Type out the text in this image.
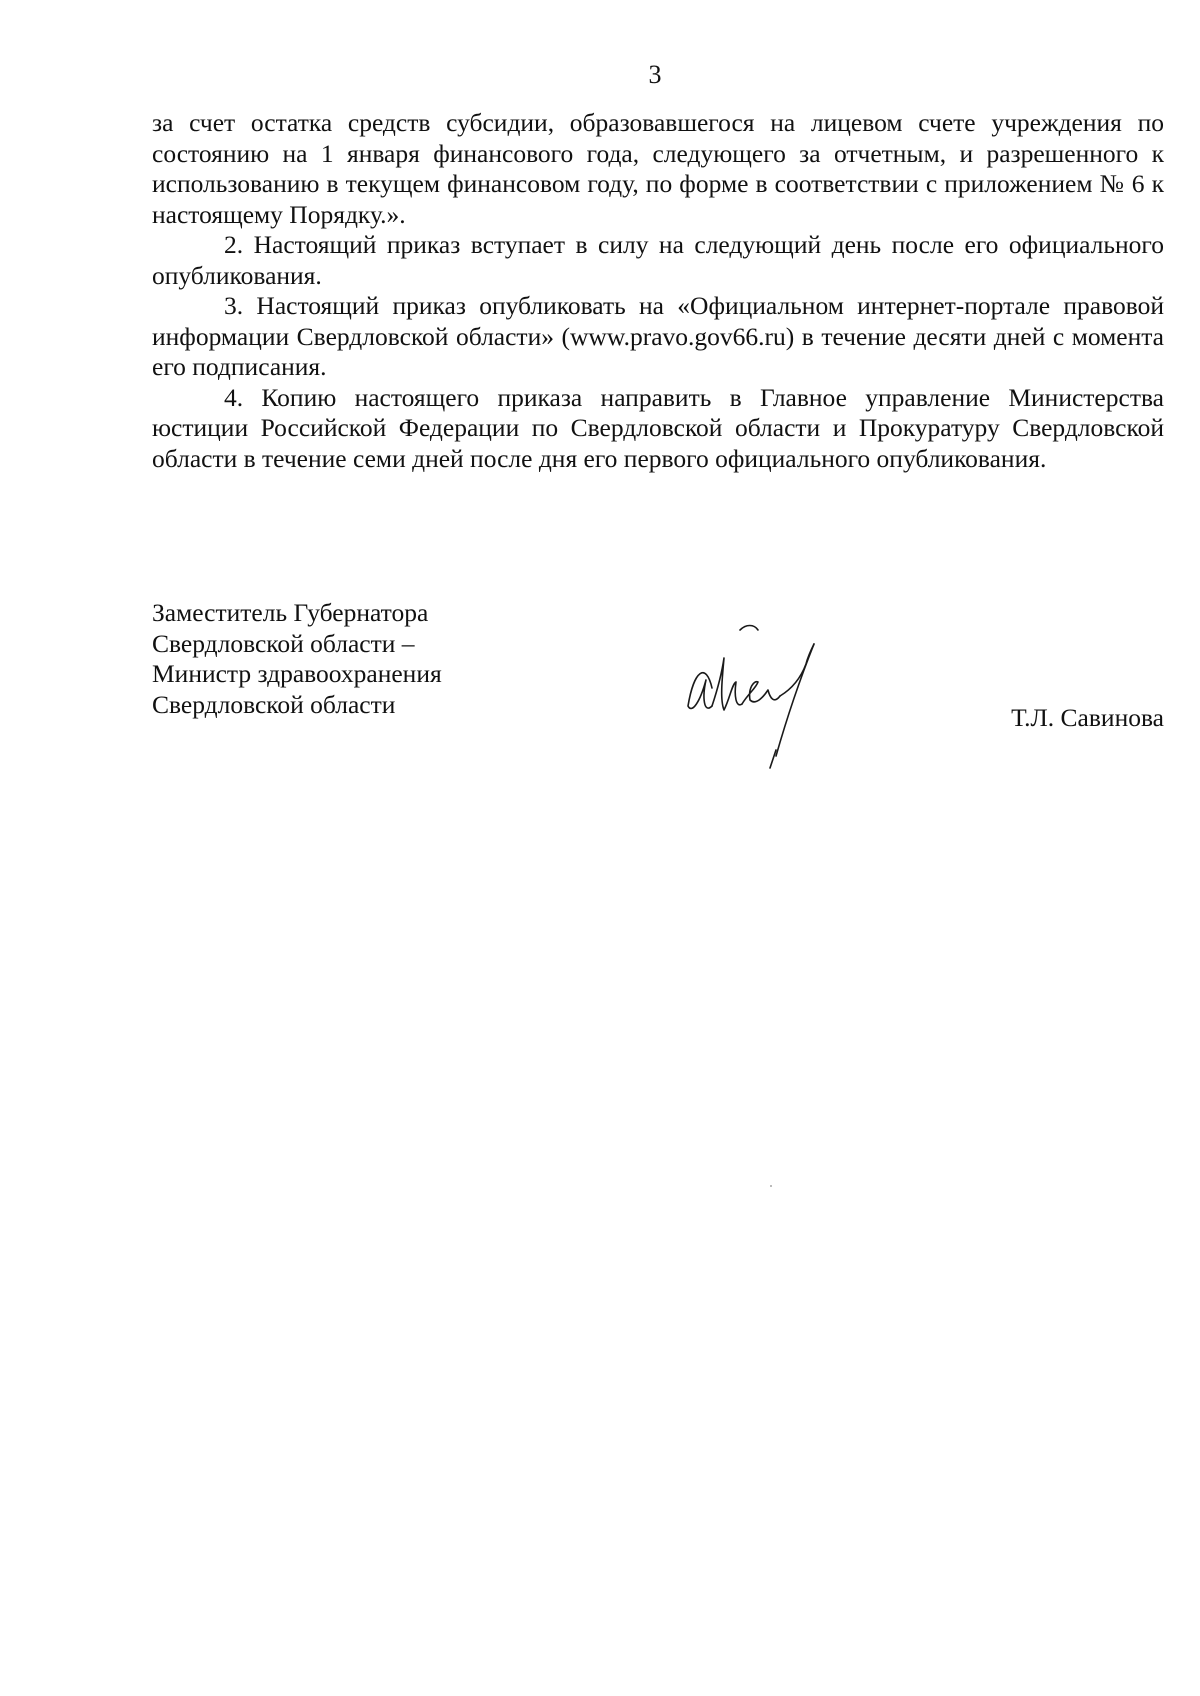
3

за счет остатка средств субсидии, образовавшегося на лицевом счете учреждения по состоянию на 1 января финансового года, следующего за отчетным, и разрешенного к использованию в текущем финансовом году, по форме в соответствии с приложением № 6 к настоящему Порядку.».

2. Настоящий приказ вступает в силу на следующий день после его официального опубликования.

3. Настоящий приказ опубликовать на «Официальном интернет-портале правовой информации Свердловской области» (www.pravo.gov66.ru) в течение десяти дней с момента его подписания.

4. Копию настоящего приказа направить в Главное управление Министерства юстиции Российской Федерации по Свердловской области и Прокуратуру Свердловской области в течение семи дней после дня его первого официального опубликования.

Заместитель Губернатора
Свердловской области –
Министр здравоохранения
Свердловской области	Т.Л. Савинова
